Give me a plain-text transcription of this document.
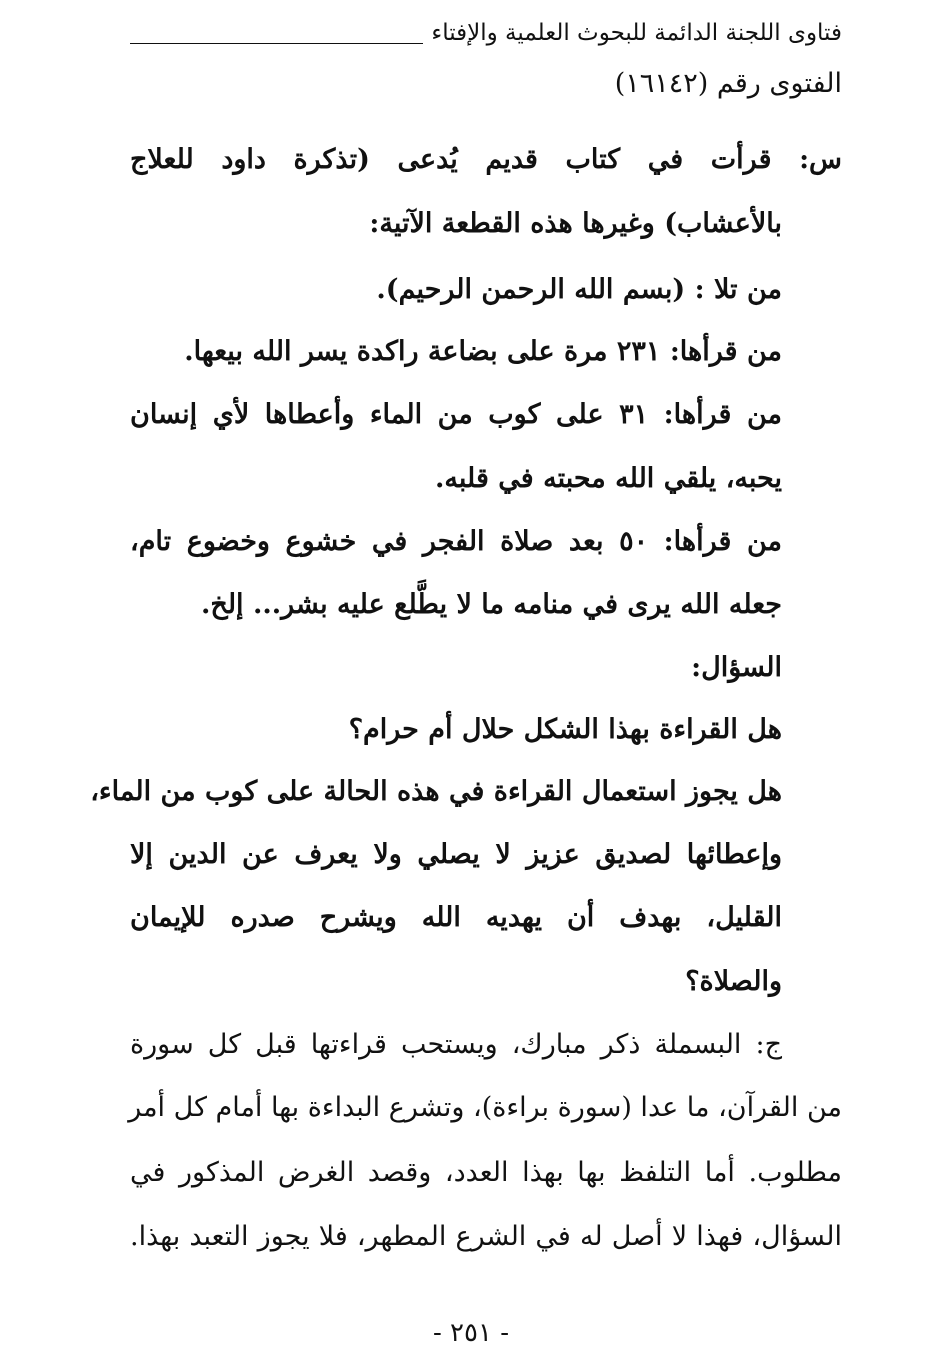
فتاوى اللجنة الدائمة للبحوث العلمية والإفتاء
الفتوى رقم (١٦١٤٢)
س: قرأت في كتاب قديم يُدعى (تذكرة داود للعلاج
بالأعشاب) وغيرها هذه القطعة الآتية:
من تلا : (بسم الله الرحمن الرحيم).
من قرأها: ٢٣١ مرة على بضاعة راكدة يسر الله بيعها.
من قرأها: ٣١ على كوب من الماء وأعطاها لأي إنسان
يحبه، يلقي الله محبته في قلبه.
من قرأها: ٥٠ بعد صلاة الفجر في خشوع وخضوع تام،
جعله الله يرى في منامه ما لا يطَّلع عليه بشر... إلخ.
السؤال:
هل القراءة بهذا الشكل حلال أم حرام؟
هل يجوز استعمال القراءة في هذه الحالة على كوب من الماء،
وإعطائها لصديق عزيز لا يصلي ولا يعرف عن الدين إلا
القليل، بهدف أن يهديه الله ويشرح صدره للإيمان
والصلاة؟
ج: البسملة ذكر مبارك، ويستحب قراءتها قبل كل سورة
من القرآن، ما عدا (سورة براءة)، وتشرع البداءة بها أمام كل أمر
مطلوب. أما التلفظ بها بهذا العدد، وقصد الغرض المذكور في
السؤال، فهذا لا أصل له في الشرع المطهر، فلا يجوز التعبد بهذا.
- ٢٥١ -
